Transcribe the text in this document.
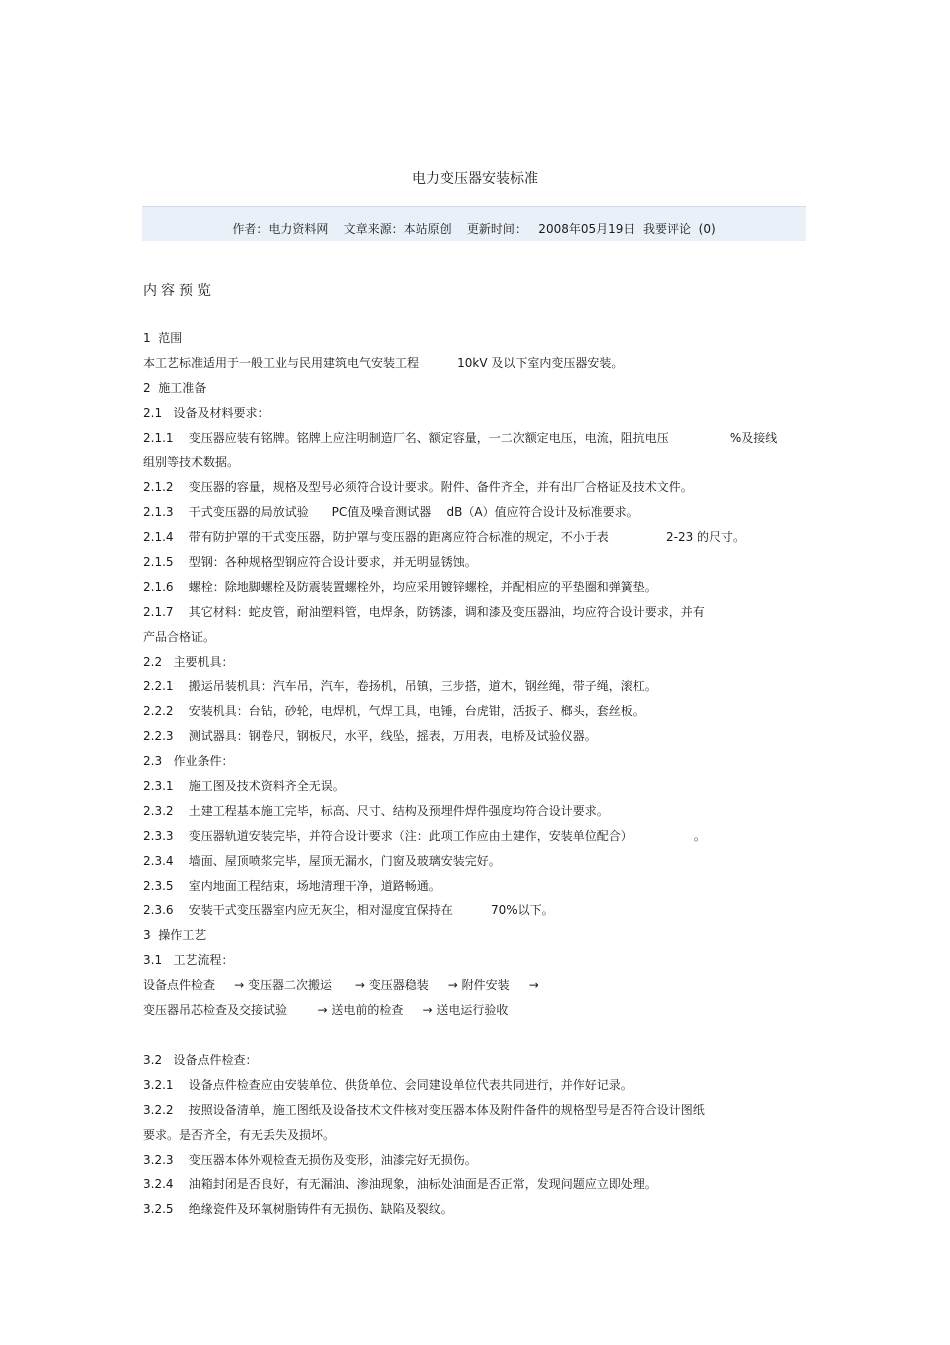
电力变压器安装标准
作者：电力资料网    文章来源：本站原创    更新时间：   2008年05月19日  我要评论  (0)
内容预览
1  范围
本工艺标准适用于一般工业与民用建筑电气安装工程          10kV 及以下室内变压器安装。
2  施工准备
2.1   设备及材料要求：
2.1.1    变压器应装有铭牌。铭牌上应注明制造厂名、额定容量，一二次额定电压，电流，阻抗电压                %及接线
组别等技术数据。
2.1.2    变压器的容量，规格及型号必须符合设计要求。附件、备件齐全，并有出厂合格证及技术文件。
2.1.3    干式变压器的局放试验      PC值及噪音测试器    dB（A）值应符合设计及标准要求。
2.1.4    带有防护罩的干式变压器，防护罩与变压器的距离应符合标准的规定，不小于表               2-23 的尺寸。
2.1.5    型钢：各种规格型钢应符合设计要求，并无明显锈蚀。
2.1.6    螺栓：除地脚螺栓及防震装置螺栓外，均应采用镀锌螺栓，并配相应的平垫圈和弹簧垫。
2.1.7    其它材料：蛇皮管，耐油塑料管，电焊条，防锈漆，调和漆及变压器油，均应符合设计要求，并有
产品合格证。
2.2   主要机具：
2.2.1    搬运吊装机具：汽车吊，汽车，卷扬机，吊镇，三步搭，道木，钢丝绳，带子绳，滚杠。
2.2.2    安装机具：台钻，砂轮，电焊机，气焊工具，电锤，台虎钳，活扳子、榔头，套丝板。
2.2.3    测试器具：钢卷尺，钢板尺，水平，线坠，摇表，万用表，电桥及试验仪器。
2.3   作业条件：
2.3.1    施工图及技术资料齐全无误。
2.3.2    土建工程基本施工完毕，标高、尺寸、结构及预埋件焊件强度均符合设计要求。
2.3.3    变压器轨道安装完毕，并符合设计要求（注：此项工作应由土建作，安装单位配合）                。
2.3.4    墙面、屋顶喷浆完毕，屋顶无漏水，门窗及玻璃安装完好。
2.3.5    室内地面工程结束，场地清理干净，道路畅通。
2.3.6    安装干式变压器室内应无灰尘，相对湿度宜保持在          70%以下。
3  操作工艺
3.1   工艺流程：
设备点件检查     → 变压器二次搬运      → 变压器稳装     → 附件安装     →
变压器吊芯检查及交接试验        → 送电前的检查     → 送电运行验收
3.2   设备点件检查：
3.2.1    设备点件检查应由安装单位、供货单位、会同建设单位代表共同进行，并作好记录。
3.2.2    按照设备清单，施工图纸及设备技术文件核对变压器本体及附件备件的规格型号是否符合设计图纸
要求。是否齐全，有无丢失及损坏。
3.2.3    变压器本体外观检查无损伤及变形，油漆完好无损伤。
3.2.4    油箱封闭是否良好，有无漏油、渗油现象，油标处油面是否正常，发现问题应立即处理。
3.2.5    绝缘瓷件及环氧树脂铸件有无损伤、缺陷及裂纹。
